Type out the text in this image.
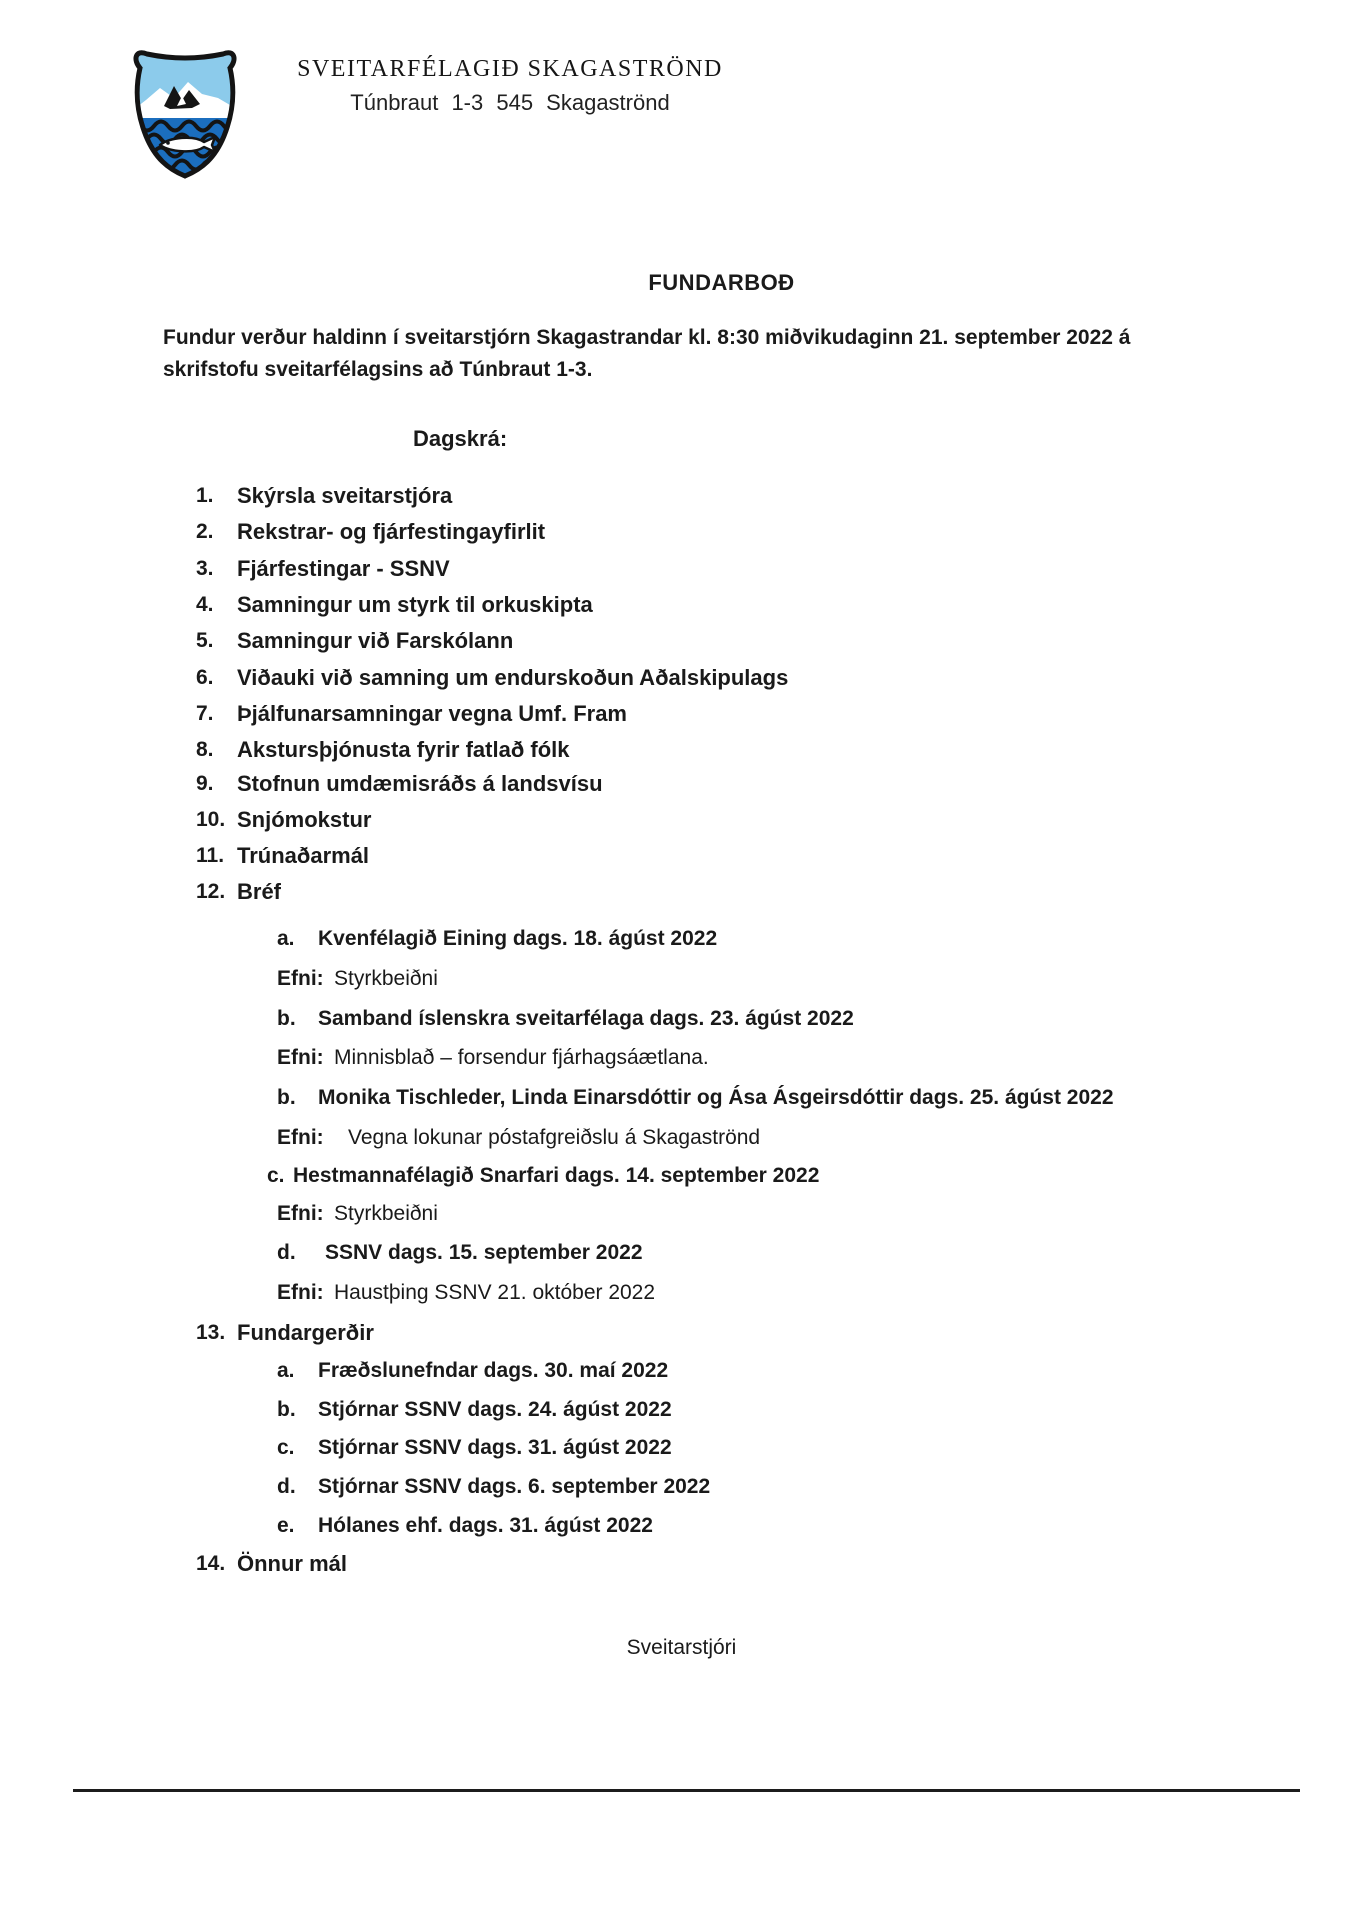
SVEITARFÉLAGIÐ SKAGASTRÖND
Túnbraut 1-3 545 Skagaströnd
FUNDARBOÐ
Fundur verður haldinn í sveitarstjórn Skagastrandar kl. 8:30 miðvikudaginn 21. september 2022 á
skrifstofu sveitarfélagsins að Túnbraut 1-3.
Dagskrá:
1. Skýrsla sveitarstjóra
2. Rekstrar- og fjárfestingayfirlit
3. Fjárfestingar - SSNV
4. Samningur um styrk til orkuskipta
5. Samningur við Farskólann
6. Viðauki við samning um endurskoðun Aðalskipulags
7. Þjálfunarsamningar vegna Umf. Fram
8. Akstursþjónusta fyrir fatlað fólk
9. Stofnun umdæmisráðs á landsvísu
10. Snjómokstur
11. Trúnaðarmál
12. Bréf
a. Kvenfélagið Eining dags. 18. ágúst 2022
Efni: Styrkbeiðni
b. Samband íslenskra sveitarfélaga dags. 23. ágúst 2022
Efni: Minnisblað – forsendur fjárhagsáætlana.
b. Monika Tischleder, Linda Einarsdóttir og Ása Ásgeirsdóttir dags. 25. ágúst 2022
Efni: Vegna lokunar póstafgreiðslu á Skagaströnd
c. Hestmannafélagið Snarfari dags. 14. september 2022
Efni: Styrkbeiðni
d. SSNV dags. 15. september 2022
Efni: Haustþing SSNV 21. október 2022
13. Fundargerðir
a. Fræðslunefndar dags. 30. maí 2022
b. Stjórnar SSNV dags. 24. ágúst 2022
c. Stjórnar SSNV dags. 31. ágúst 2022
d. Stjórnar SSNV dags. 6. september 2022
e. Hólanes ehf. dags. 31. ágúst 2022
14. Önnur mál
Sveitarstjóri
